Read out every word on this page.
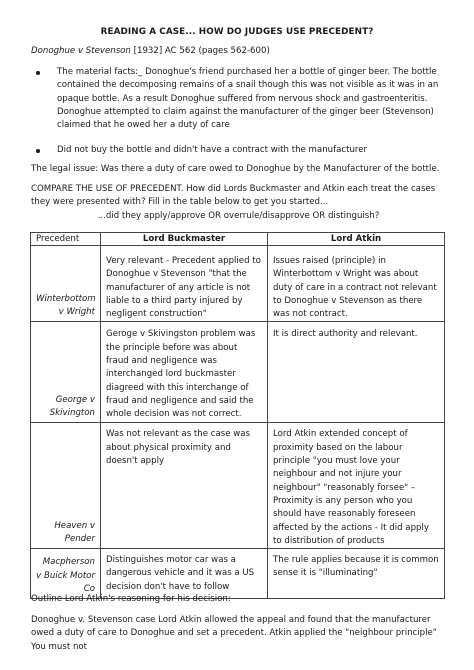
READING A CASE... HOW DO JUDGES USE PRECEDENT?
Donoghue v Stevenson [1932] AC 562 (pages 562-600)
The material facts:_ Donoghue's friend purchased her a bottle of ginger beer. The bottle contained the decomposing remains of a snail though this was not visible as it was in an opaque bottle. As a result Donoghue suffered from nervous shock and gastroenteritis. Donoghue attempted to claim against the manufacturer of the ginger beer (Stevenson) claimed that he owed her a duty of care
Did not buy the bottle and didn't have a contract with the manufacturer
The legal issue: Was there a duty of care owed to Donoghue by the Manufacturer of the bottle.
COMPARE THE USE OF PRECEDENT. How did Lords Buckmaster and Atkin each treat the cases they were presented with? Fill in the table below to get you started...
...did they apply/approve OR overrule/disapprove OR distinguish?
Precedent	Lord Buckmaster	Lord Atkin
Winterbottom v Wright	Very relevant - Precedent applied to Donoghue v Stevenson "that the manufacturer of any article is not liable to a third party injured by negligent construction"	Issues raised (principle) in Winterbottom v Wright was about duty of care in a contract not relevant to Donoghue v Stevenson as there was not contract.
George v Skivington	Geroge v Skivingston problem was the principle before was about fraud and negligence was interchanged lord buckmaster diagreed with this interchange of fraud and negligence and said the whole decision was not correct.	It is direct authority and relevant.
Heaven v Pender	Was not relevant as the case was about physical proximity and doesn't apply	Lord Atkin extended concept of proximity based on the labour principle "you must love your neighbour and not injure your neighbour" "reasonably forsee" – Proximity is any person who you should have reasonably foreseen affected by the actions - It did apply to distribution of products
Macpherson v Buick Motor Co	Distinguishes motor car was a dangerous vehicle and it was a US decision don't have to follow	The rule applies because it is common sense it is "illuminating"
Outline Lord Atkin's reasoning for his decision:
Donoghue v. Stevenson case Lord Atkin allowed the appeal and found that the manufacturer owed a duty of care to Donoghue and set a precedent. Atkin applied the "neighbour principle" You must not
